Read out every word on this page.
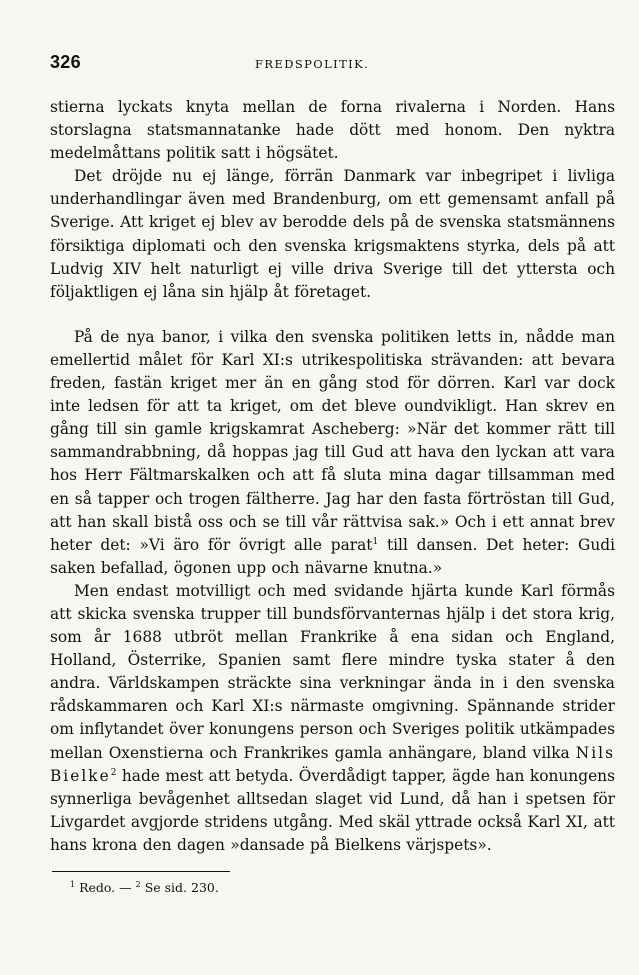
326	FREDSPOLITIK.

stierna lyckats knyta mellan de forna rivalerna i Norden. Hans storslagna statsmannatanke hade dött med honom. Den nyktra medelmåttans politik satt i högsätet.

Det dröjde nu ej länge, förrän Danmark var inbegripet i livliga underhandlingar även med Brandenburg, om ett gemensamt anfall på Sverige. Att kriget ej blev av berodde dels på de svenska statsmännens försiktiga diplomati och den svenska krigsmaktens styrka, dels på att Ludvig XIV helt naturligt ej ville driva Sverige till det yttersta och följaktligen ej låna sin hjälp åt företaget.

På de nya banor, i vilka den svenska politiken letts in, nådde man emellertid målet för Karl XI:s utrikespolitiska strävanden: att bevara freden, fastän kriget mer än en gång stod för dörren. Karl var dock inte ledsen för att ta kriget, om det bleve oundvikligt. Han skrev en gång till sin gamle krigskamrat Ascheberg: »När det kommer rätt till sammandrabbning, då hoppas jag till Gud att hava den lyckan att vara hos Herr Fältmarskalken och att få sluta mina dagar tillsamman med en så tapper och trogen fältherre. Jag har den fasta förtröstan till Gud, att han skall bistå oss och se till vår rättvisa sak.» Och i ett annat brev heter det: »Vi äro för övrigt alle parat$^1$ till dansen. Det heter: Gudi saken befallad, ögonen upp och nävarne knutna.»

Men endast motvilligt och med svidande hjärta kunde Karl förmås att skicka svenska trupper till bundsförvanternas hjälp i det stora krig, som år 1688 utbröt mellan Frankrike å ena sidan och England, Holland, Österrike, Spanien samt flere mindre tyska stater å den andra. Världskampen sträckte sina verkningar ända in i den svenska rådskammaren och Karl XI:s närmaste omgivning. Spännande strider om inflytandet över konungens person och Sveriges politik utkämpades mellan Oxenstierna och Frankrikes gamla anhängare, bland vilka Nils Bielke$^2$ hade mest att betyda. Överdådigt tapper, ägde han konungens synnerliga bevågenhet alltsedan slaget vid Lund, då han i spetsen för Livgardet avgjorde stridens utgång. Med skäl yttrade också Karl XI, att hans krona den dagen »dansade på Bielkens värjspets».

$^1$ Redo. — $^2$ Se sid. 230.
